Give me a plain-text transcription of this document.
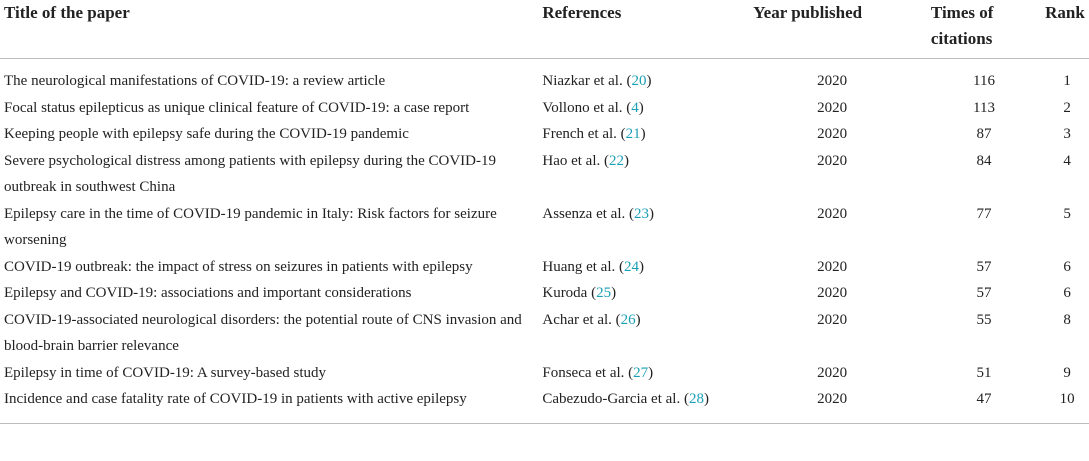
Title of the paper	References	Year published	Times of citations	Rank
The neurological manifestations of COVID-19: a review article	Niazkar et al. (20)	2020	116	1
Focal status epilepticus as unique clinical feature of COVID-19: a case report	Vollono et al. (4)	2020	113	2
Keeping people with epilepsy safe during the COVID-19 pandemic	French et al. (21)	2020	87	3
Severe psychological distress among patients with epilepsy during the COVID-19 outbreak in southwest China	Hao et al. (22)	2020	84	4
Epilepsy care in the time of COVID-19 pandemic in Italy: Risk factors for seizure worsening	Assenza et al. (23)	2020	77	5
COVID-19 outbreak: the impact of stress on seizures in patients with epilepsy	Huang et al. (24)	2020	57	6
Epilepsy and COVID-19: associations and important considerations	Kuroda (25)	2020	57	6
COVID-19-associated neurological disorders: the potential route of CNS invasion and blood-brain barrier relevance	Achar et al. (26)	2020	55	8
Epilepsy in time of COVID-19: A survey-based study	Fonseca et al. (27)	2020	51	9
Incidence and case fatality rate of COVID-19 in patients with active epilepsy	Cabezudo-Garcia et al. (28)	2020	47	10
